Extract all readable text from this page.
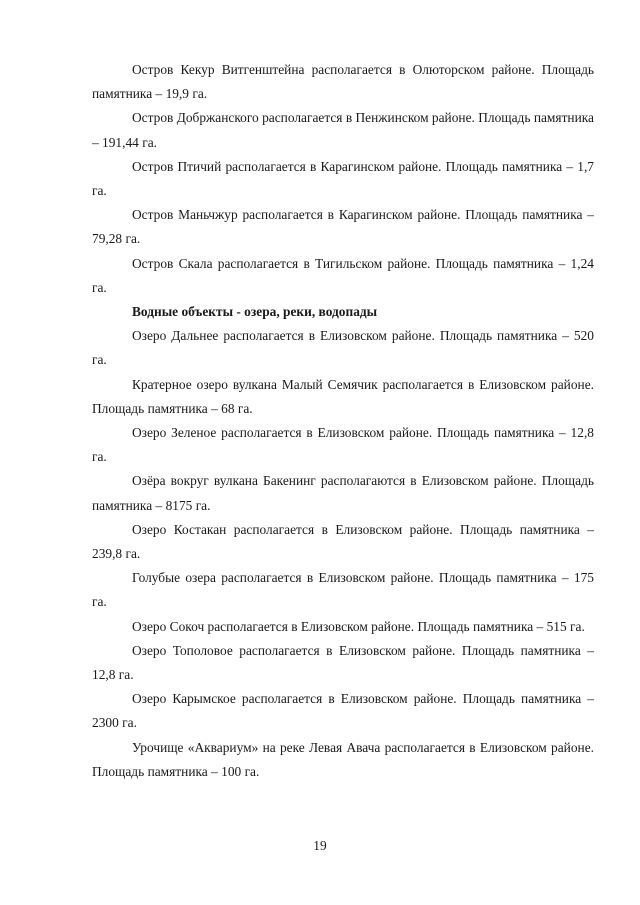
Остров Кекур Витгенштейна располагается в Олюторском районе. Площадь памятника – 19,9 га.

Остров Добржанского располагается в Пенжинском районе. Площадь памятника – 191,44 га.

Остров Птичий располагается в Карагинском районе. Площадь памятника – 1,7 га.

Остров Маньчжур располагается в Карагинском районе. Площадь памятника – 79,28 га.

Остров Скала располагается в Тигильском районе. Площадь памятника – 1,24 га.

Водные объекты - озера, реки, водопады

Озеро Дальнее располагается в Елизовском районе. Площадь памятника – 520 га.

Кратерное озеро вулкана Малый Семячик располагается в Елизовском районе. Площадь памятника – 68 га.

Озеро Зеленое располагается в Елизовском районе. Площадь памятника – 12,8 га.

Озёра вокруг вулкана Бакенинг располагаются в Елизовском районе. Площадь памятника – 8175 га.

Озеро Костакан располагается в Елизовском районе. Площадь памятника – 239,8 га.

Голубые озера располагается в Елизовском районе. Площадь памятника – 175 га.

Озеро Сокоч располагается в Елизовском районе. Площадь памятника – 515 га.

Озеро Тополовое располагается в Елизовском районе. Площадь памятника – 12,8 га.

Озеро Карымское располагается в Елизовском районе. Площадь памятника – 2300 га.

Урочище «Аквариум» на реке Левая Авача располагается в Елизовском районе. Площадь памятника – 100 га.

19
